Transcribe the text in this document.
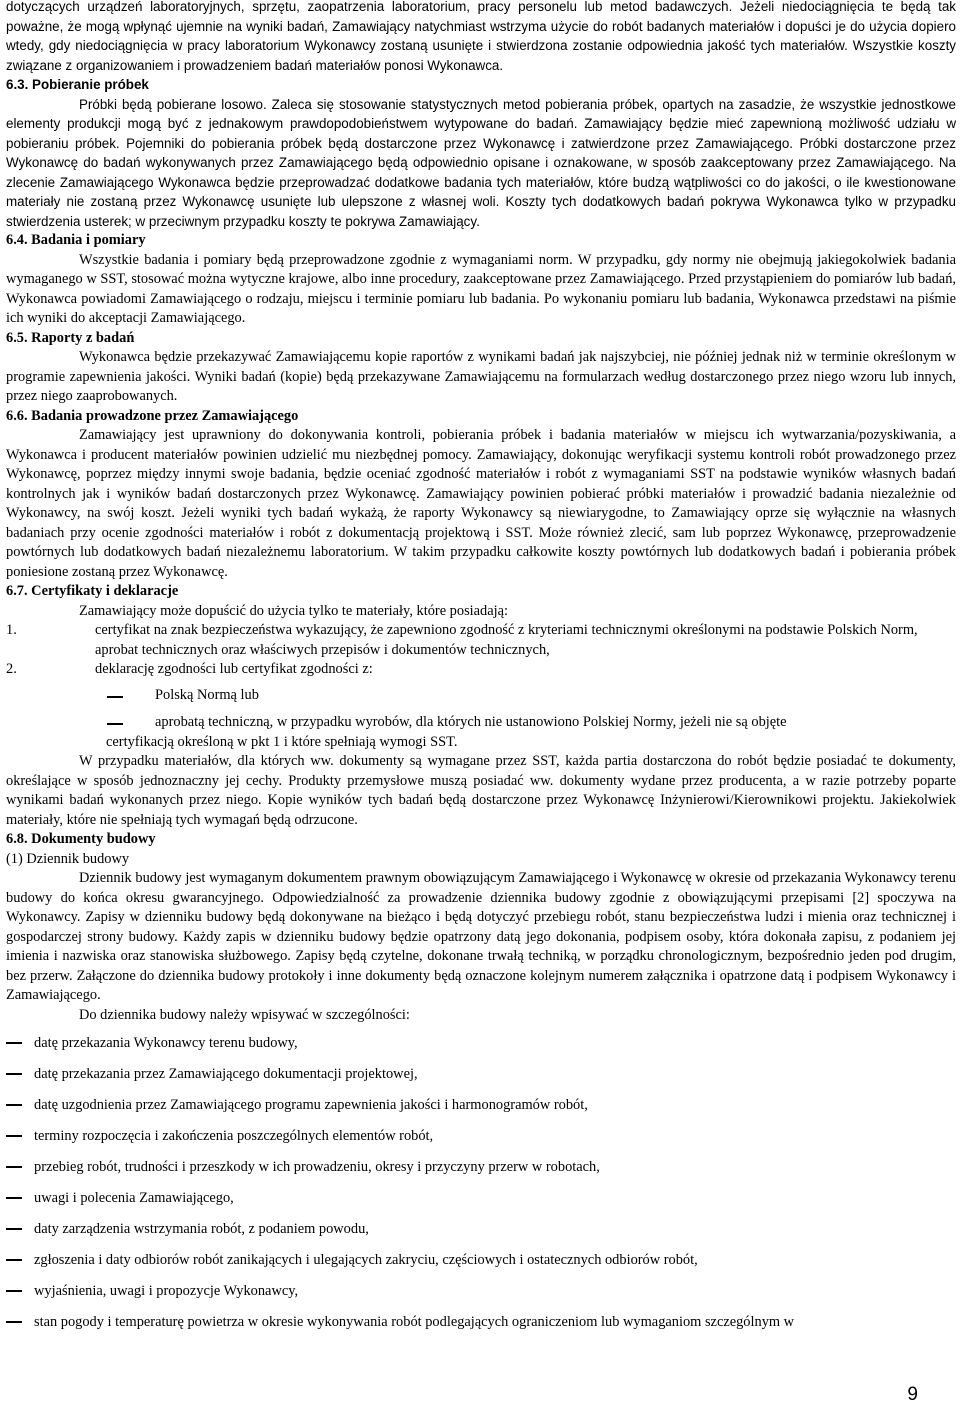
dotyczących urządzeń laboratoryjnych, sprzętu, zaopatrzenia laboratorium, pracy personelu lub metod badawczych. Jeżeli niedociągnięcia te będą tak poważne, że mogą wpłynąć ujemnie na wyniki badań, Zamawiający natychmiast wstrzyma użycie do robót badanych materiałów i dopuści je do użycia dopiero wtedy, gdy niedociągnięcia w pracy laboratorium Wykonawcy zostaną usunięte i stwierdzona zostanie odpowiednia jakość tych materiałów. Wszystkie koszty związane z organizowaniem i prowadzeniem badań materiałów ponosi Wykonawca.

6.3. Pobieranie próbek

Próbki będą pobierane losowo. Zaleca się stosowanie statystycznych metod pobierania próbek, opartych na zasadzie, że wszystkie jednostkowe elementy produkcji mogą być z jednakowym prawdopodobieństwem wytypowane do badań. Zamawiający będzie mieć zapewnioną możliwość udziału w pobieraniu próbek. Pojemniki do pobierania próbek będą dostarczone przez Wykonawcę i zatwierdzone przez Zamawiającego. Próbki dostarczone przez Wykonawcę do badań wykonywanych przez Zamawiającego będą odpowiednio opisane i oznakowane, w sposób zaakceptowany przez Zamawiającego. Na zlecenie Zamawiającego Wykonawca będzie przeprowadzać dodatkowe badania tych materiałów, które budzą wątpliwości co do jakości, o ile kwestionowane materiały nie zostaną przez Wykonawcę usunięte lub ulepszone z własnej woli. Koszty tych dodatkowych badań pokrywa Wykonawca tylko w przypadku stwierdzenia usterek; w przeciwnym przypadku koszty te pokrywa Zamawiający.

6.4. Badania i pomiary

Wszystkie badania i pomiary będą przeprowadzone zgodnie z wymaganiami norm. W przypadku, gdy normy nie obejmują jakiegokolwiek badania wymaganego w SST, stosować można wytyczne krajowe, albo inne procedury, zaakceptowane przez Zamawiającego. Przed przystąpieniem do pomiarów lub badań, Wykonawca powiadomi Zamawiającego o rodzaju, miejscu i terminie pomiaru lub badania. Po wykonaniu pomiaru lub badania, Wykonawca przedstawi na piśmie ich wyniki do akceptacji Zamawiającego.

6.5. Raporty z badań

Wykonawca będzie przekazywać Zamawiającemu kopie raportów z wynikami badań jak najszybciej, nie później jednak niż w terminie określonym w programie zapewnienia jakości. Wyniki badań (kopie) będą przekazywane Zamawiającemu na formularzach według dostarczonego przez niego wzoru lub innych, przez niego zaaprobowanych.

6.6. Badania prowadzone przez Zamawiającego

Zamawiający jest uprawniony do dokonywania kontroli, pobierania próbek i badania materiałów w miejscu ich wytwarzania/pozyskiwania, a Wykonawca i producent materiałów powinien udzielić mu niezbędnej pomocy. Zamawiający, dokonując weryfikacji systemu kontroli robót prowadzonego przez Wykonawcę, poprzez między innymi swoje badania, będzie oceniać zgodność materiałów i robót z wymaganiami SST na podstawie wyników własnych badań kontrolnych jak i wyników badań dostarczonych przez Wykonawcę. Zamawiający powinien pobierać próbki materiałów i prowadzić badania niezależnie od Wykonawcy, na swój koszt. Jeżeli wyniki tych badań wykażą, że raporty Wykonawcy są niewiarygodne, to Zamawiający oprze się wyłącznie na własnych badaniach przy ocenie zgodności materiałów i robót z dokumentacją projektową i SST. Może również zlecić, sam lub poprzez Wykonawcę, przeprowadzenie powtórnych lub dodatkowych badań niezależnemu laboratorium. W takim przypadku całkowite koszty powtórnych lub dodatkowych badań i pobierania próbek poniesione zostaną przez Wykonawcę.

6.7. Certyfikaty i deklaracje

Zamawiający może dopuścić do użycia tylko te materiały, które posiadają:

1.	certyfikat na znak bezpieczeństwa wykazujący, że zapewniono zgodność z kryteriami technicznymi określonymi na podstawie Polskich Norm, aprobat technicznych oraz właściwych przepisów i dokumentów technicznych,
2.	deklarację zgodności lub certyfikat zgodności z:
Polską Normą lub
aprobatą techniczną, w przypadku wyrobów, dla których nie ustanowiono Polskiej Normy, jeżeli nie są objęte

certyfikacją określoną w pkt 1 i które spełniają wymogi SST.

W przypadku materiałów, dla których ww. dokumenty są wymagane przez SST, każda partia dostarczona do robót będzie posiadać te dokumenty, określające w sposób jednoznaczny jej cechy. Produkty przemysłowe muszą posiadać ww. dokumenty wydane przez producenta, a w razie potrzeby poparte wynikami badań wykonanych przez niego. Kopie wyników tych badań będą dostarczone przez Wykonawcę Inżynierowi/Kierownikowi projektu. Jakiekolwiek materiały, które nie spełniają tych wymagań będą odrzucone.

6.8. Dokumenty budowy

(1) Dziennik budowy

Dziennik budowy jest wymaganym dokumentem prawnym obowiązującym Zamawiającego i Wykonawcę w okresie od przekazania Wykonawcy terenu budowy do końca okresu gwarancyjnego. Odpowiedzialność za prowadzenie dziennika budowy zgodnie z obowiązującymi przepisami [2] spoczywa na Wykonawcy. Zapisy w dzienniku budowy będą dokonywane na bieżąco i będą dotyczyć przebiegu robót, stanu bezpieczeństwa ludzi i mienia oraz technicznej i gospodarczej strony budowy. Każdy zapis w dzienniku budowy będzie opatrzony datą jego dokonania, podpisem osoby, która dokonała zapisu, z podaniem jej imienia i nazwiska oraz stanowiska służbowego. Zapisy będą czytelne, dokonane trwałą techniką, w porządku chronologicznym, bezpośrednio jeden pod drugim, bez przerw. Załączone do dziennika budowy protokoły i inne dokumenty będą oznaczone kolejnym numerem załącznika i opatrzone datą i podpisem Wykonawcy i Zamawiającego.

Do dziennika budowy należy wpisywać w szczególności:

datę przekazania Wykonawcy terenu budowy,
datę przekazania przez Zamawiającego dokumentacji projektowej,
datę uzgodnienia przez Zamawiającego programu zapewnienia jakości i harmonogramów robót,
terminy rozpoczęcia i zakończenia poszczególnych elementów robót,
przebieg robót, trudności i przeszkody w ich prowadzeniu, okresy i przyczyny przerw w robotach,
uwagi i polecenia Zamawiającego,
daty zarządzenia wstrzymania robót, z podaniem powodu,
zgłoszenia i daty odbiorów robót zanikających i ulegających zakryciu, częściowych i ostatecznych odbiorów robót,
wyjaśnienia, uwagi i propozycje Wykonawcy,
stan pogody i temperaturę powietrza w okresie wykonywania robót podlegających ograniczeniom lub wymaganiom szczególnym w
9
